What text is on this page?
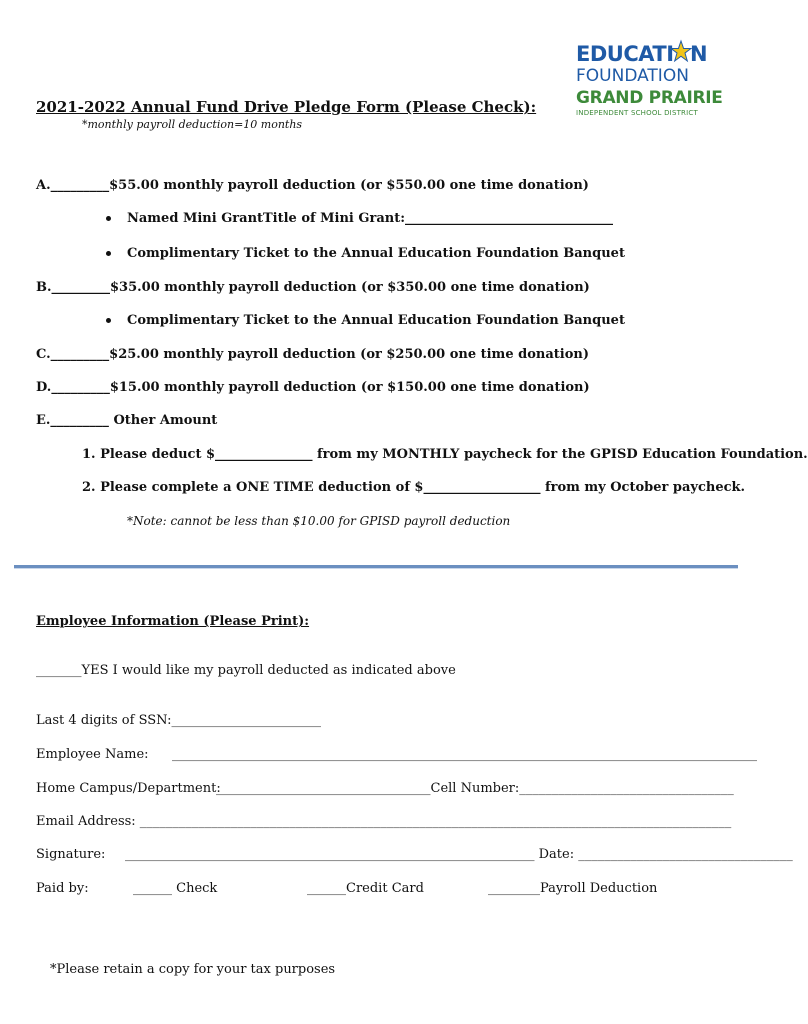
EDUCATI N
FOUNDATION
GRAND PRAIRIE
INDEPENDENT SCHOOL DISTRICT
2021-2022 Annual Fund Drive Pledge Form (Please Check):
*monthly payroll deduction=10 months
A._________$55.00 monthly payroll deduction (or $550.00 one time donation)
Named Mini Grant Title of Mini Grant:________________________________
Complimentary Ticket to the Annual Education Foundation Banquet
B._________$35.00 monthly payroll deduction (or $350.00 one time donation)
Complimentary Ticket to the Annual Education Foundation Banquet
C._________$25.00 monthly payroll deduction (or $250.00 one time donation)
D._________$15.00 monthly payroll deduction (or $150.00 one time donation)
E._________ Other Amount
1. Please deduct $_______________ from my MONTHLY paycheck for the GPISD Education Foundation.
2. Please complete a ONE TIME deduction of $__________________ from my October paycheck.
*Note: cannot be less than $10.00 for GPISD payroll deduction
Employee Information (Please Print):
_______YES I would like my payroll deducted as indicated above
Last 4 digits of SSN:_______________________
Employee Name: __________________________________________________________________________________________
Home Campus/Department:
_________________________________Cell Number:_________________________________
Email Address: ___________________________________________________________________________________________
Signature: _______________________________________________________________ Date: _________________________________
Paid by:	______ Check	______Credit Card	________Payroll Deduction
*Please retain a copy for your tax purposes
